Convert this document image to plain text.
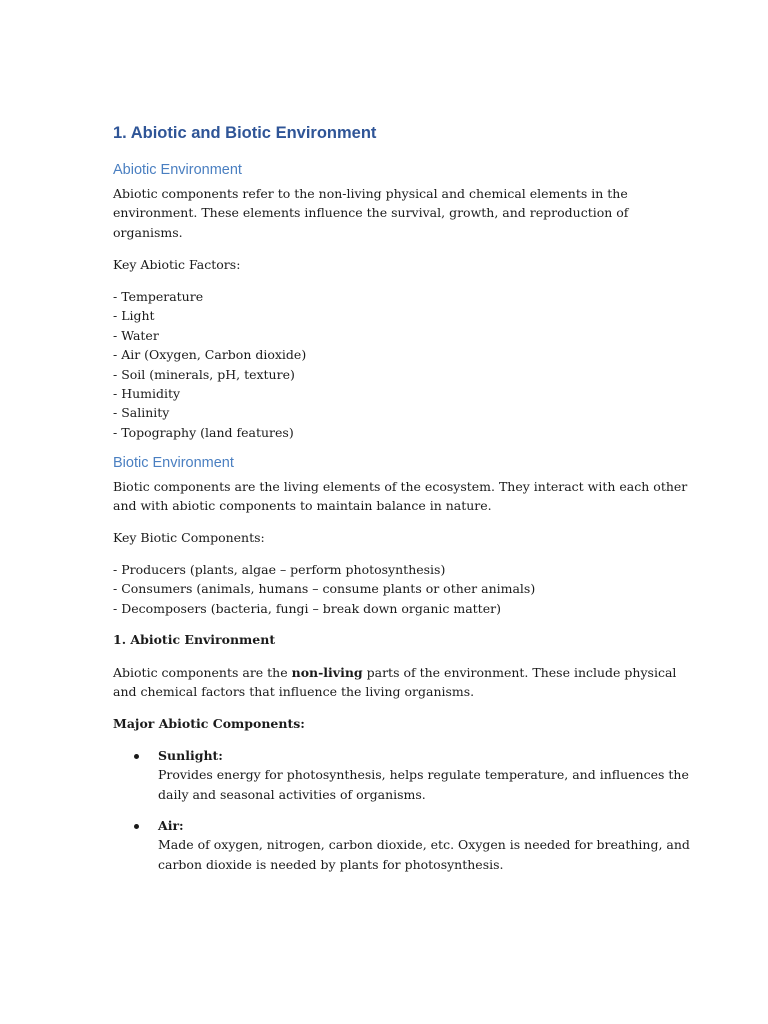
1. Abiotic and Biotic Environment
Abiotic Environment

Abiotic components refer to the non-living physical and chemical elements in the

environment. These elements influence the survival, growth, and reproduction of

organisms.

Key Abiotic Factors:
- Temperature
- Light
- Water
- Air (Oxygen, Carbon dioxide)
- Soil (minerals, pH, texture)
- Humidity
- Salinity
- Topography (land features)
Biotic Environment

Biotic components are the living elements of the ecosystem. They interact with each other

and with abiotic components to maintain balance in nature.

Key Biotic Components:
- Producers (plants, algae – perform photosynthesis)
- Consumers (animals, humans – consume plants or other animals)
- Decomposers (bacteria, fungi – break down organic matter)
1. Abiotic Environment

Abiotic components are the non-living parts of the environment. These include physical

and chemical factors that influence the living organisms.

Major Abiotic Components:
Sunlight:
Provides energy for photosynthesis, helps regulate temperature, and influences the
daily and seasonal activities of organisms.
Air:
Made of oxygen, nitrogen, carbon dioxide, etc. Oxygen is needed for breathing, and
carbon dioxide is needed by plants for photosynthesis.
